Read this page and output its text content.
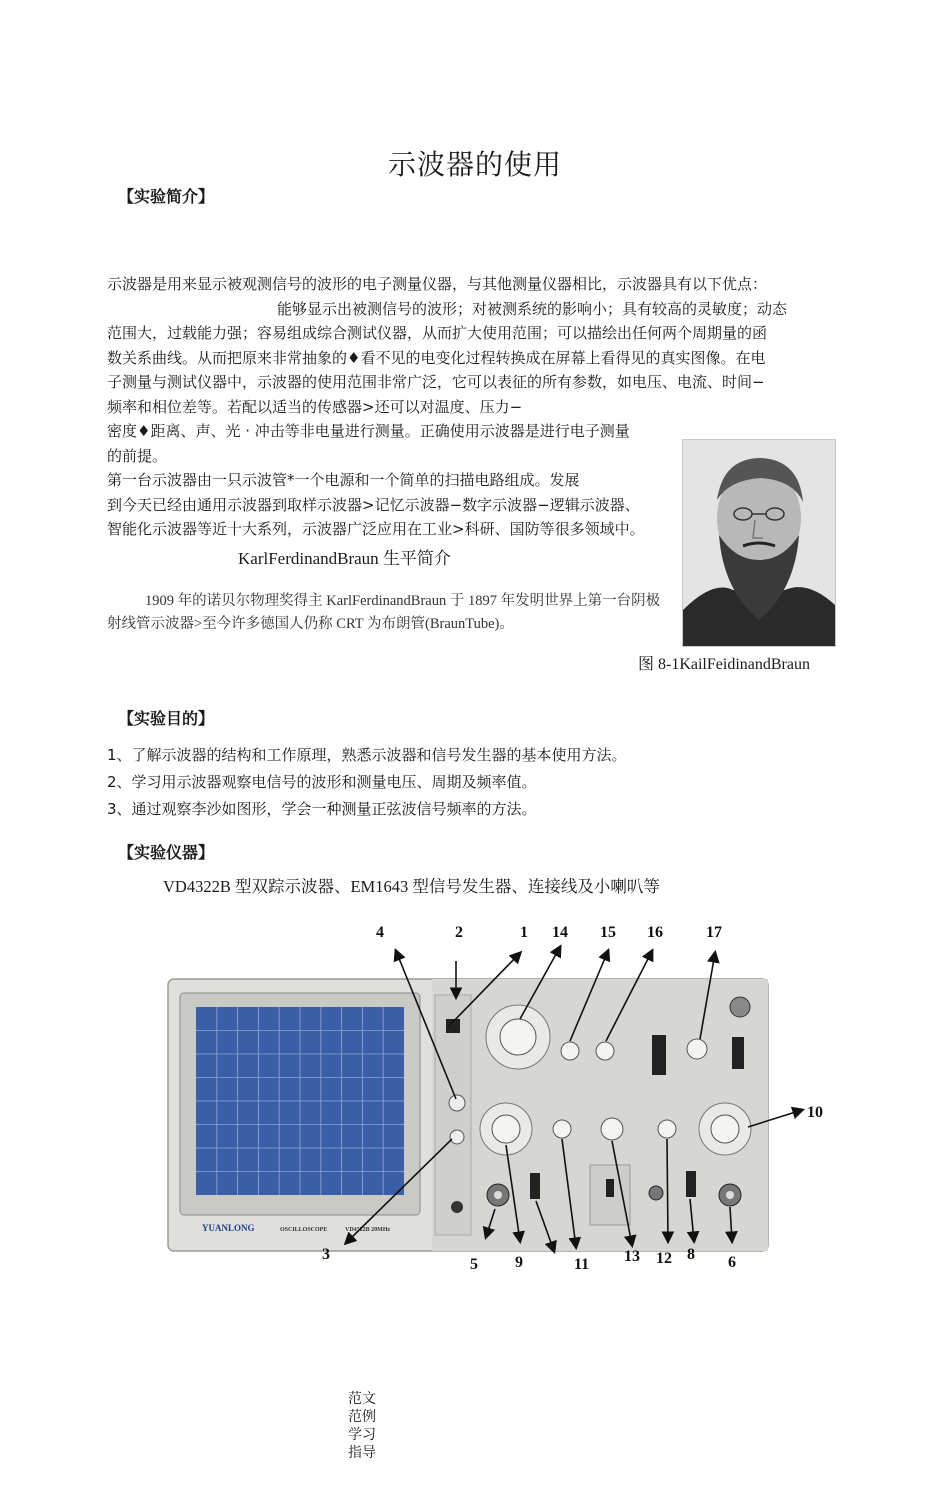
示波器的使用
【实验简介】
示波器是用来显示被观测信号的波形的电子测量仪器，与其他测量仪器相比，示波器具有以下优点：
能够显示出被测信号的波形；对被测系统的影响小；具有较高的灵敏度；动态
范围大，过载能力强；容易组成综合测试仪器，从而扩大使用范围；可以描绘出任何两个周期量的函
数关系曲线。从而把原来非常抽象的♦看不见的电变化过程转换成在屏幕上看得见的真实图像。在电
子测量与测试仪器中，示波器的使用范围非常广泛，它可以表征的所有参数，如电压、电流、时间−
频率和相位差等。若配以适当的传感器>还可以对温度、压力−
密度♦距离、声、光 · 冲击等非电量进行测量。正确使用示波器是进行电子测量
的前提。
第一台示波器由一只示波管*一个电源和一个简单的扫描电路组成。发展
到今天已经由通用示波器到取样示波器>记忆示波器−数字示波器−逻辑示波器、
智能化示波器等近十大系列，示波器广泛应用在工业>科研、国防等很多领域中。
KarlFerdinandBraun 生平简介
1909 年的诺贝尔物理奖得主 KarlFerdinandBraun 于 1897 年发明世界上第一台阴极
射线管示波器>至今许多德国人仍称 CRT 为布朗管(BraunTube)。
图 8-1KailFeidinandBraun
【实验目的】
1、了解示波器的结构和工作原理，熟悉示波器和信号发生器的基本使用方法。
2、学习用示波器观察电信号的波形和测量电压、周期及频率值。
3、通过观察李沙如图形，学会一种测量正弦波信号频率的方法。
【实验仪器】
VD4322B 型双踪示波器、EM1643 型信号发生器、连接线及小喇叭等
YUANLONG	OSCILLOSCOPE	VD4322B 20MHz
4	2	1 14 15 16	17
10
3
5 9	11 13 12 8 6
范文
范例
学习
指导
